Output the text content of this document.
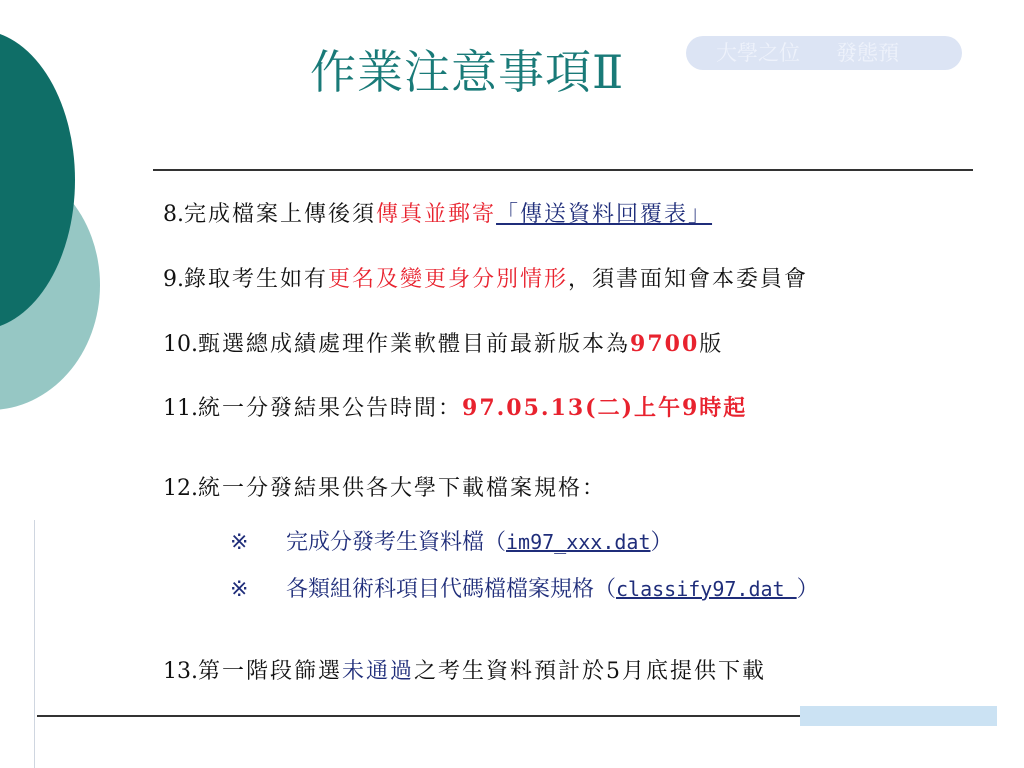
作業注意事項Ⅱ	大學之位 發態預
8.完成檔案上傳後須傳真並郵寄「傳送資料回覆表」
9.錄取考生如有更名及變更身分別情形，須書面知會本委員會
10.甄選總成績處理作業軟體目前最新版本為9700版
11.統一分發結果公告時間：97.05.13(二)上午9時起
12.統一分發結果供各大學下載檔案規格：
※ 完成分發考生資料檔（im97_xxx.dat）
※ 各類組術科項目代碼檔檔案規格（classify97.dat ）
13.第一階段篩選未通過之考生資料預計於5月底提供下載
